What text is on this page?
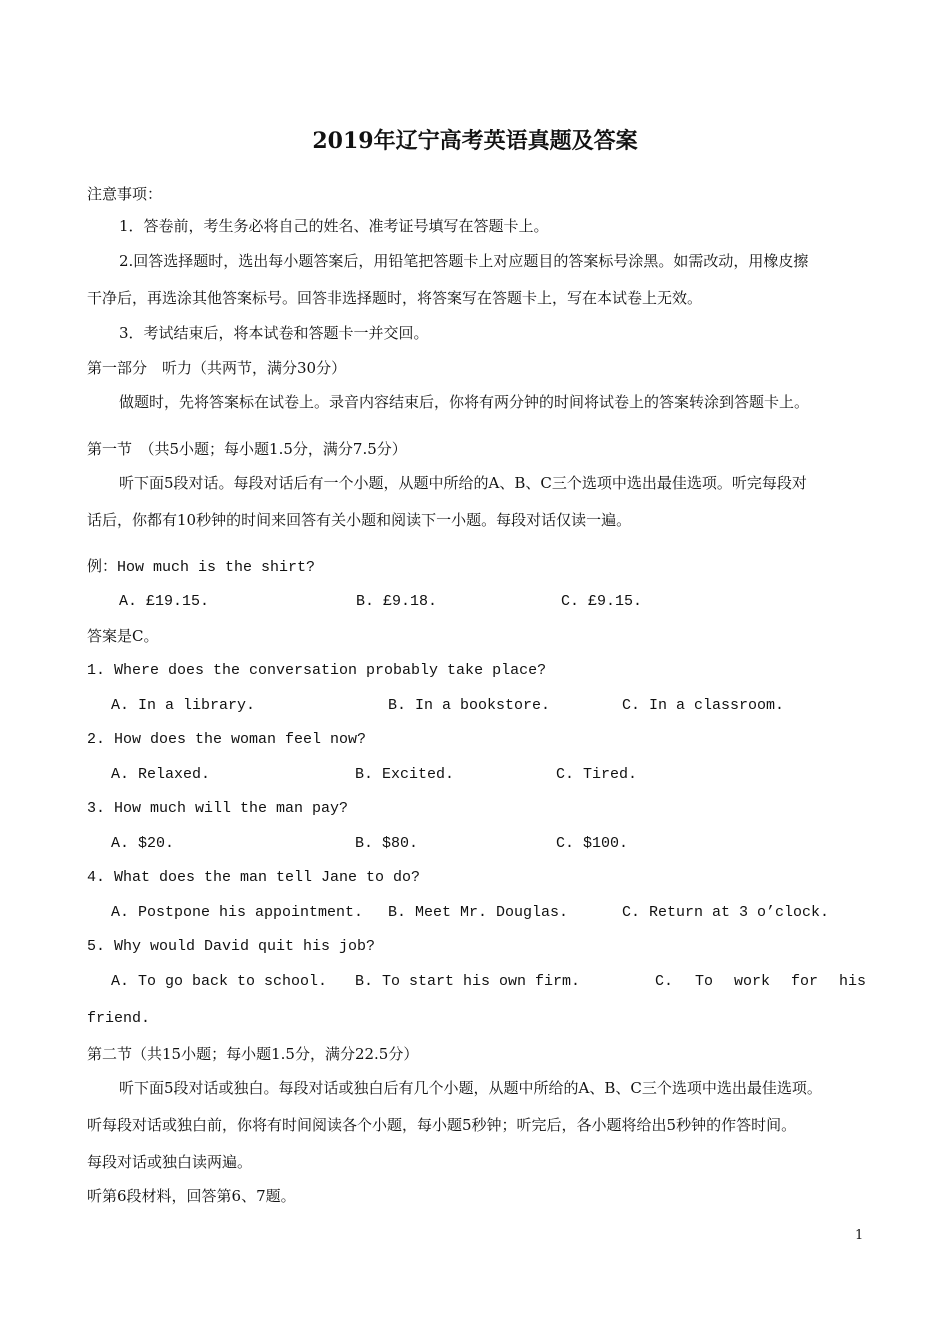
2019年辽宁高考英语真题及答案
注意事项：
1．答卷前，考生务必将自己的姓名、准考证号填写在答题卡上。
2.回答选择题时，选出每小题答案后，用铅笔把答题卡上对应题目的答案标号涂黑。如需改动，用橡皮擦
干净后，再选涂其他答案标号。回答非选择题时，将答案写在答题卡上，写在本试卷上无效。
3．考试结束后，将本试卷和答题卡一并交回。
第一部分　听力（共两节，满分30分）
做题时，先将答案标在试卷上。录音内容结束后，你将有两分钟的时间将试卷上的答案转涂到答题卡上。
第一节　（共5小题；每小题1.5分，满分7.5分）
听下面5段对话。每段对话后有一个小题，从题中所给的A、B、C三个选项中选出最佳选项。听完每段对
话后，你都有10秒钟的时间来回答有关小题和阅读下一小题。每段对话仅读一遍。
例：How much is the shirt?
A. £19.15.	B. £9.18.	C. £9.15.
答案是C。
1. Where does the conversation probably take place?
A. In a library.	B. In a bookstore.	C. In a classroom.
2. How does the woman feel now?
A. Relaxed.	B. Excited.	C. Tired.
3. How much will the man pay?
A. $20.	B. $80.	C. $100.
4. What does the man tell Jane to do?
A. Postpone his appointment. B. Meet Mr. Douglas.	C. Return at 3 o’clock.
5. Why would David quit his job?
A. To go back to school. B. To start his own firm.	C. To work for his
friend.
第二节（共15小题；每小题1.5分，满分22.5分）
听下面5段对话或独白。每段对话或独白后有几个小题，从题中所给的A、B、C三个选项中选出最佳选项。
听每段对话或独白前，你将有时间阅读各个小题，每小题5秒钟；听完后，各小题将给出5秒钟的作答时间。
每段对话或独白读两遍。
听第6段材料，回答第6、7题。
1
